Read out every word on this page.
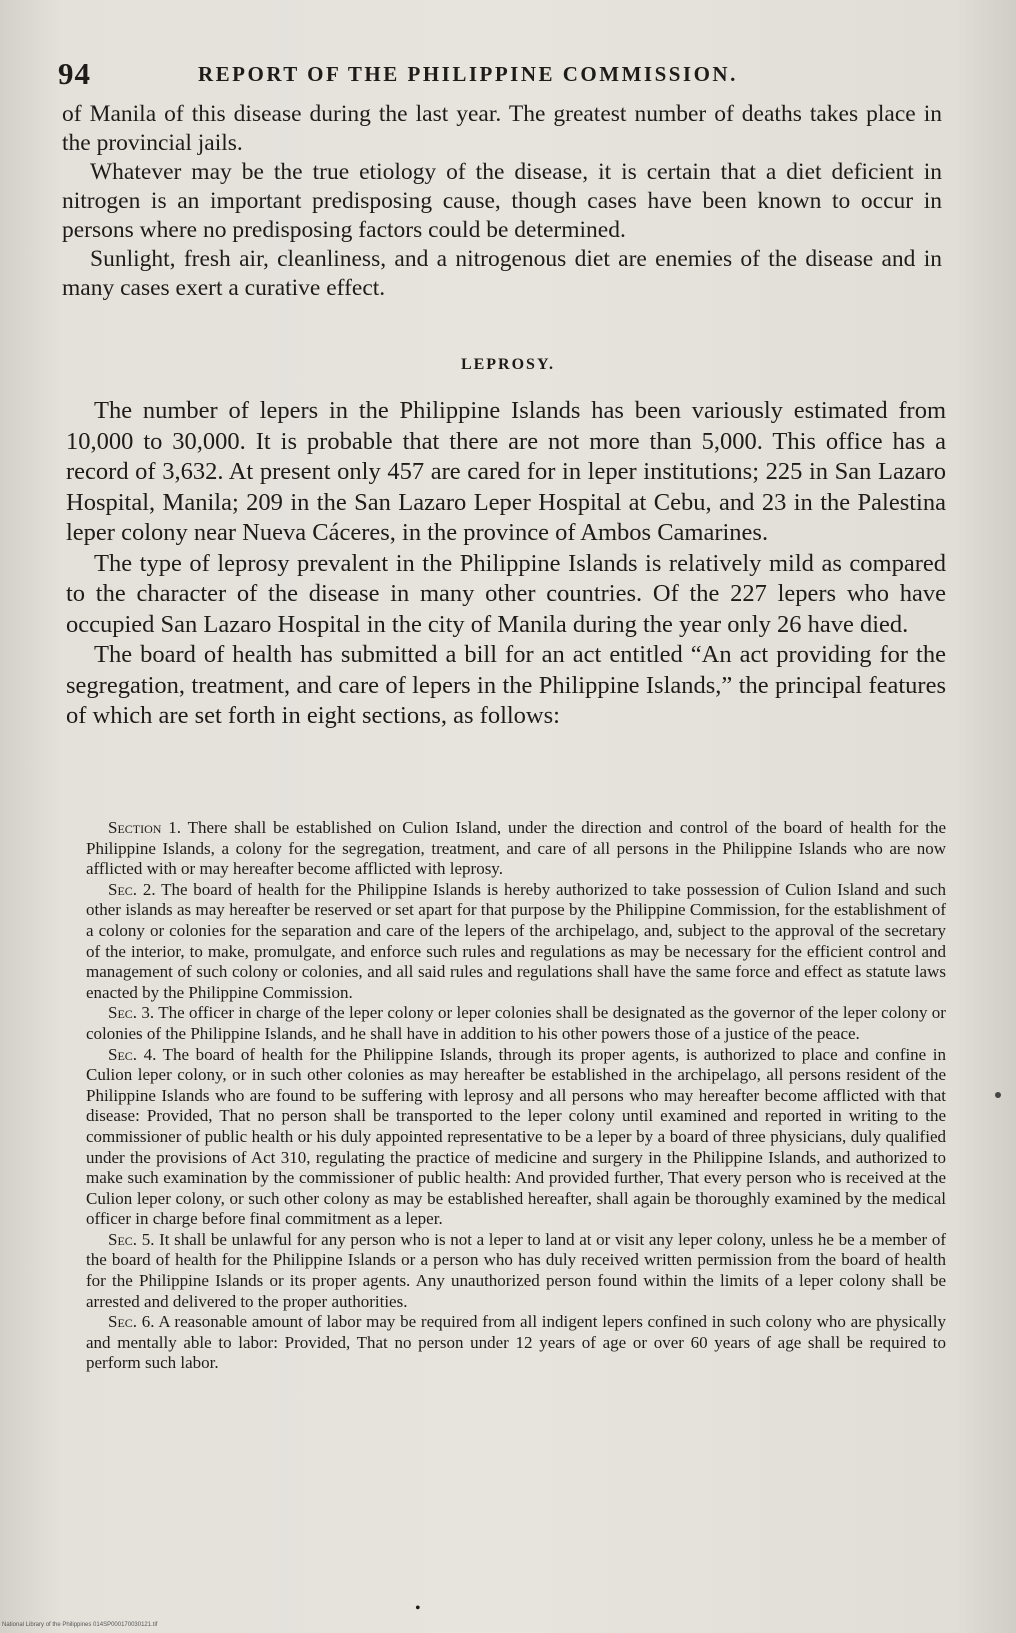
94	REPORT OF THE PHILIPPINE COMMISSION.

of Manila of this disease during the last year. The greatest number of deaths takes place in the provincial jails.

Whatever may be the true etiology of the disease, it is certain that a diet deficient in nitrogen is an important predisposing cause, though cases have been known to occur in persons where no predisposing factors could be determined.

Sunlight, fresh air, cleanliness, and a nitrogenous diet are enemies of the disease and in many cases exert a curative effect.

LEPROSY.

The number of lepers in the Philippine Islands has been variously estimated from 10,000 to 30,000. It is probable that there are not more than 5,000. This office has a record of 3,632. At present only 457 are cared for in leper institutions; 225 in San Lazaro Hospital, Manila; 209 in the San Lazaro Leper Hospital at Cebu, and 23 in the Palestina leper colony near Nueva Cáceres, in the province of Ambos Camarines.

The type of leprosy prevalent in the Philippine Islands is relatively mild as compared to the character of the disease in many other countries. Of the 227 lepers who have occupied San Lazaro Hospital in the city of Manila during the year only 26 have died.

The board of health has submitted a bill for an act entitled “An act providing for the segregation, treatment, and care of lepers in the Philippine Islands,” the principal features of which are set forth in eight sections, as follows:

Section 1. There shall be established on Culion Island, under the direction and control of the board of health for the Philippine Islands, a colony for the segregation, treatment, and care of all persons in the Philippine Islands who are now afflicted with or may hereafter become afflicted with leprosy.

Sec. 2. The board of health for the Philippine Islands is hereby authorized to take possession of Culion Island and such other islands as may hereafter be reserved or set apart for that purpose by the Philippine Commission, for the establishment of a colony or colonies for the separation and care of the lepers of the archipelago, and, subject to the approval of the secretary of the interior, to make, promulgate, and enforce such rules and regulations as may be necessary for the efficient control and management of such colony or colonies, and all said rules and regulations shall have the same force and effect as statute laws enacted by the Philippine Commission.

Sec. 3. The officer in charge of the leper colony or leper colonies shall be designated as the governor of the leper colony or colonies of the Philippine Islands, and he shall have in addition to his other powers those of a justice of the peace.

Sec. 4. The board of health for the Philippine Islands, through its proper agents, is authorized to place and confine in Culion leper colony, or in such other colonies as may hereafter be established in the archipelago, all persons resident of the Philippine Islands who are found to be suffering with leprosy and all persons who may hereafter become afflicted with that disease: Provided, That no person shall be transported to the leper colony until examined and reported in writing to the commissioner of public health or his duly appointed representative to be a leper by a board of three physicians, duly qualified under the provisions of Act 310, regulating the practice of medicine and surgery in the Philippine Islands, and authorized to make such examination by the commissioner of public health: And provided further, That every person who is received at the Culion leper colony, or such other colony as may be established hereafter, shall again be thoroughly examined by the medical officer in charge before final commitment as a leper.

Sec. 5. It shall be unlawful for any person who is not a leper to land at or visit any leper colony, unless he be a member of the board of health for the Philippine Islands or a person who has duly received written permission from the board of health for the Philippine Islands or its proper agents. Any unauthorized person found within the limits of a leper colony shall be arrested and delivered to the proper authorities.

Sec. 6. A reasonable amount of labor may be required from all indigent lepers confined in such colony who are physically and mentally able to labor: Provided, That no person under 12 years of age or over 60 years of age shall be required to perform such labor.

•
National Library of the Philippines 014SP000170030121.tif
